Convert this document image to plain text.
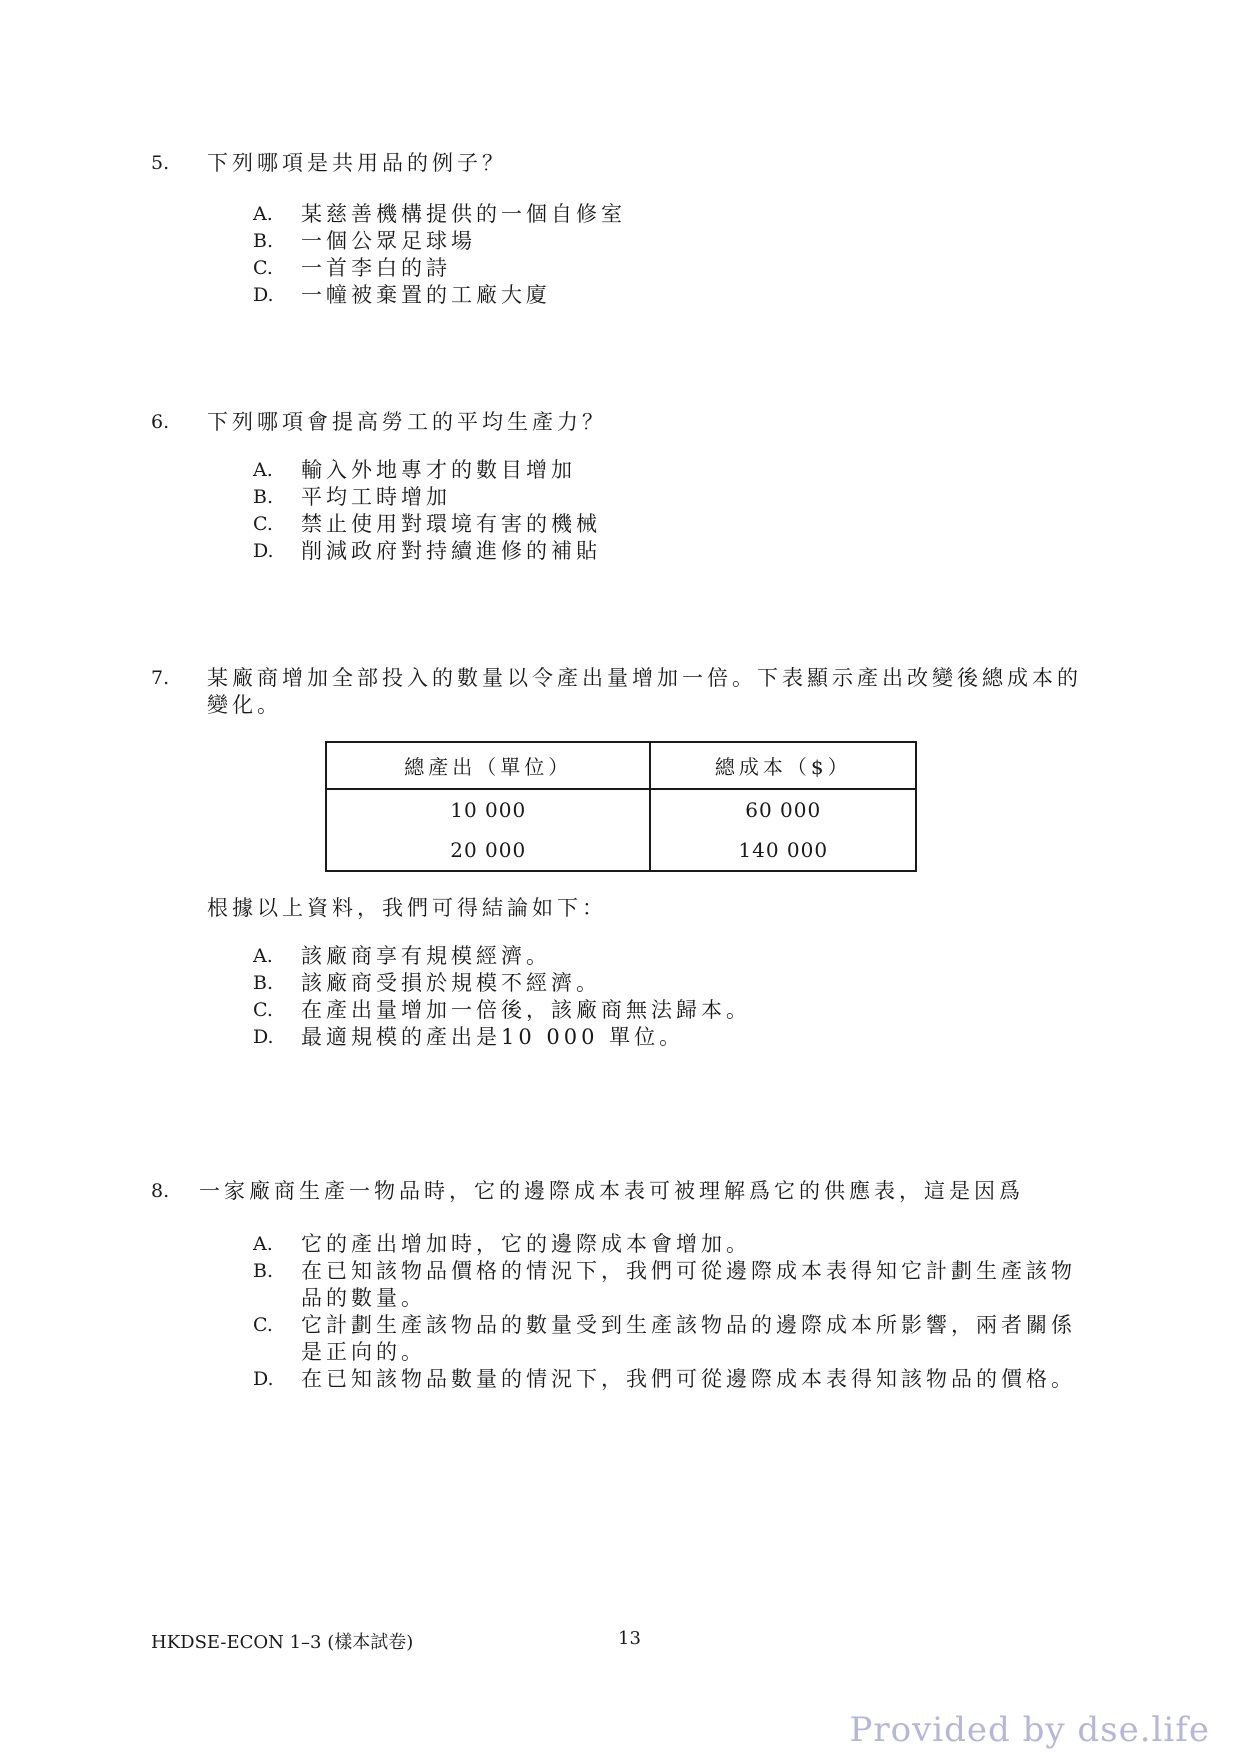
5. 下列哪項是共用品的例子？
A. 某慈善機構提供的一個自修室
B. 一個公眾足球場
C. 一首李白的詩
D. 一幢被棄置的工廠大廈
6. 下列哪項會提高勞工的平均生產力？
A. 輸入外地專才的數目增加
B. 平均工時增加
C. 禁止使用對環境有害的機械
D. 削減政府對持續進修的補貼
7. 某廠商增加全部投入的數量以令產出量增加一倍。下表顯示產出改變後總成本的變化。
總產出（單位）	總成本（$）
10 000	60 000
20 000	140 000
根據以上資料，我們可得結論如下：
A. 該廠商享有規模經濟。
B. 該廠商受損於規模不經濟。
C. 在產出量增加一倍後，該廠商無法歸本。
D. 最適規模的產出是10 000 單位。
8. 一家廠商生產一物品時，它的邊際成本表可被理解爲它的供應表，這是因爲
A. 它的產出增加時，它的邊際成本會增加。
B. 在已知該物品價格的情況下，我們可從邊際成本表得知它計劃生產該物品的數量。
C. 它計劃生產該物品的數量受到生產該物品的邊際成本所影響，兩者關係是正向的。
D. 在已知該物品數量的情況下，我們可從邊際成本表得知該物品的價格。
HKDSE-ECON 1–3 (樣本試卷)	13
Provided by dse.life
